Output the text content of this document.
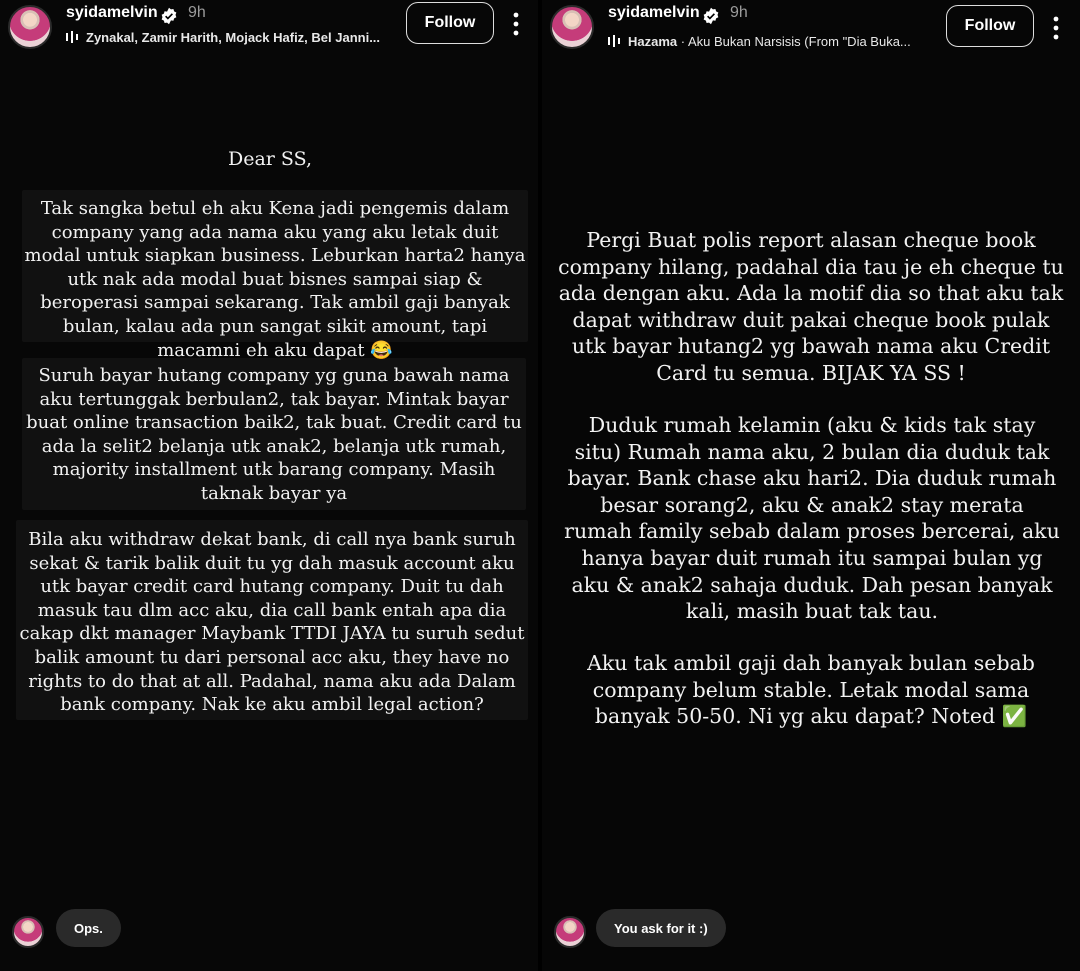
syidamelvin 9h
Zynakal, Zamir Harith, Mojack Hafiz, Bel Janni...
Follow
Dear SS,
Tak sangka betul eh aku Kena jadi pengemis dalam company yang ada nama aku yang aku letak duit modal untuk siapkan business. Leburkan harta2 hanya utk nak ada modal buat bisnes sampai siap & beroperasi sampai sekarang. Tak ambil gaji banyak bulan, kalau ada pun sangat sikit amount, tapi macamni eh aku dapat 😂
Suruh bayar hutang company yg guna bawah nama aku tertunggak berbulan2, tak bayar. Mintak bayar buat online transaction baik2, tak buat. Credit card tu ada la selit2 belanja utk anak2, belanja utk rumah, majority installment utk barang company. Masih taknak bayar ya
Bila aku withdraw dekat bank, di call nya bank suruh sekat & tarik balik duit tu yg dah masuk account aku utk bayar credit card hutang company. Duit tu dah masuk tau dlm acc aku, dia call bank entah apa dia cakap dkt manager Maybank TTDI JAYA tu suruh sedut balik amount tu dari personal acc aku, they have no rights to do that at all. Padahal, nama aku ada Dalam bank company. Nak ke aku ambil legal action?
Ops.
syidamelvin 9h
Hazama · Aku Bukan Narsisis (From "Dia Buka...
Follow
Pergi Buat polis report alasan cheque book company hilang, padahal dia tau je eh cheque tu ada dengan aku. Ada la motif dia so that aku tak dapat withdraw duit pakai cheque book pulak utk bayar hutang2 yg bawah nama aku Credit Card tu semua. BIJAK YA SS !
Duduk rumah kelamin (aku & kids tak stay situ) Rumah nama aku, 2 bulan dia duduk tak bayar. Bank chase aku hari2. Dia duduk rumah besar sorang2, aku & anak2 stay merata rumah family sebab dalam proses bercerai, aku hanya bayar duit rumah itu sampai bulan yg aku & anak2 sahaja duduk. Dah pesan banyak kali, masih buat tak tau.
Aku tak ambil gaji dah banyak bulan sebab company belum stable. Letak modal sama banyak 50-50. Ni yg aku dapat? Noted ✅
You ask for it :)
